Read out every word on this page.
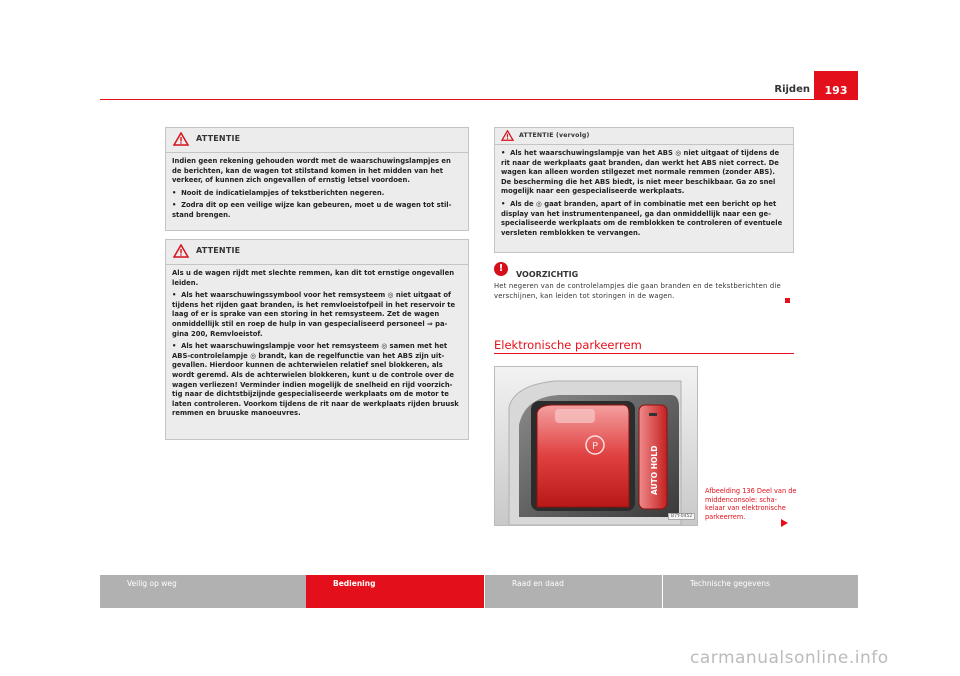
Rijden	193
ATTENTIE

Indien geen rekening gehouden wordt met de waarschuwingslampjes en de berichten, kan de wagen tot stilstand komen in het midden van het verkeer, of kunnen zich ongevallen of ernstig letsel voordoen.

•  Nooit de indicatielampjes of tekstberichten negeren.

•  Zodra dit op een veilige wijze kan gebeuren, moet u de wagen tot stil-stand brengen.

ATTENTIE

Als u de wagen rijdt met slechte remmen, kan dit tot ernstige ongevallen leiden.

•  Als het waarschuwingssymbool voor het remsysteem ◎ niet uitgaat of tijdens het rijden gaat branden, is het remvloeistofpeil in het reservoir te laag of er is sprake van een storing in het remsysteem. Zet de wagen onmiddellijk stil en roep de hulp in van gespecialiseerd personeel ⇒ pa-gina 200, Remvloeistof.

•  Als het waarschuwingslampje voor het remsysteem ◎ samen met het ABS-controlelampje ◎ brandt, kan de regelfunctie van het ABS zijn uit-gevallen. Hierdoor kunnen de achterwielen relatief snel blokkeren, als wordt geremd. Als de achterwielen blokkeren, kunt u de controle over de wagen verliezen! Verminder indien mogelijk de snelheid en rijd voorzich-tig naar de dichtstbijzijnde gespecialiseerde werkplaats om de motor te laten controleren. Voorkom tijdens de rit naar de werkplaats rijden bruusk remmen en bruuske manoeuvres.

ATTENTIE (vervolg)

•  Als het waarschuwingslampje van het ABS ◎ niet uitgaat of tijdens de rit naar de werkplaats gaat branden, dan werkt het ABS niet correct. De wagen kan alleen worden stilgezet met normale remmen (zonder ABS). De bescherming die het ABS biedt, is niet meer beschikbaar. Ga zo snel mogelijk naar een gespecialiseerde werkplaats.

•  Als de ◎ gaat branden, apart of in combinatie met een bericht op het display van het instrumentenpaneel, ga dan onmiddellijk naar een ge-specialiseerde werkplaats om de remblokken te controleren of eventuele versleten remblokken te vervangen.

!
VOORZICHTIG
Het negeren van de controlelampjes die gaan branden en de tekstberichten die verschijnen, kan leiden tot storingen in de wagen.
Elektronische parkeerrem
P	AUTO HOLD
B7Y-0452
Afbeelding 136 Deel van de middenconsole: scha-kelaar van elektronische parkeerrem.
Veilig op weg	Bediening	Raad en daad	Technische gegevens
carmanualsonline.info
